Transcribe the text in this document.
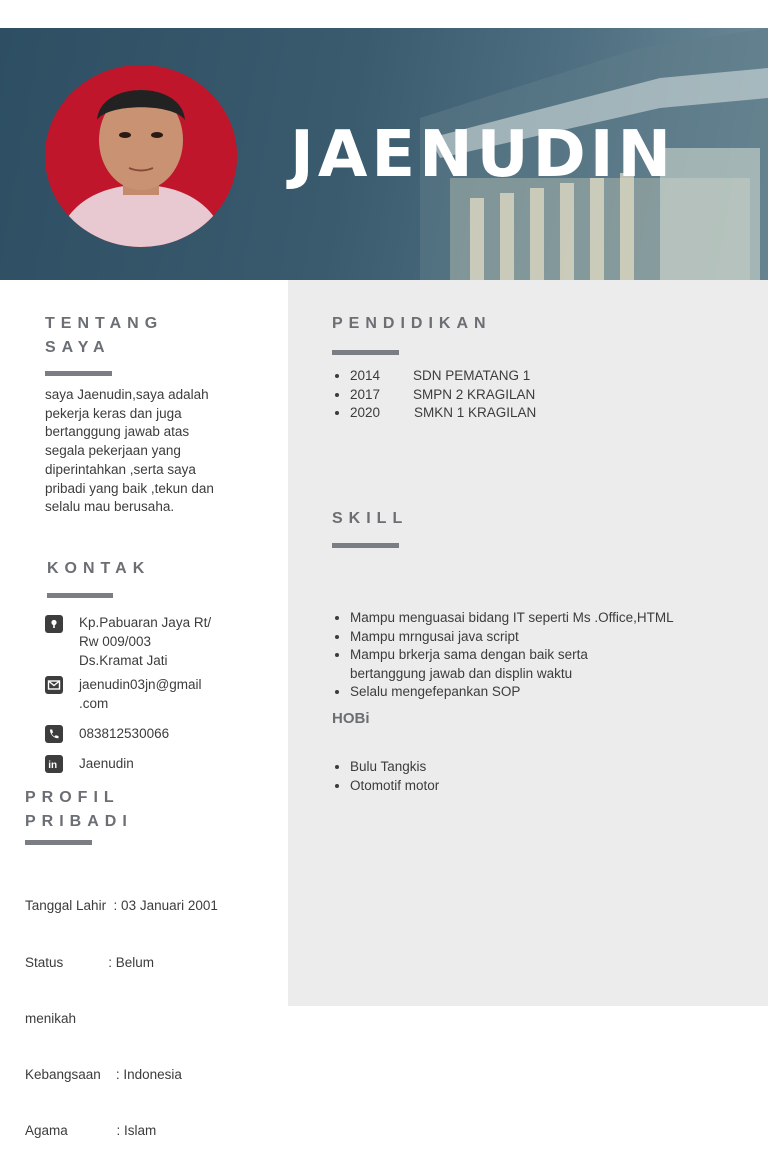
JAENUDIN
TENTANG
SAYA
saya Jaenudin,saya adalah
pekerja keras dan juga
bertanggung jawab atas
segala pekerjaan yang
diperintahkan ,serta saya
pribadi yang baik ,tekun dan
selalu mau berusaha.
KONTAK
Kp.Pabuaran Jaya Rt/
Rw 009/003
Ds.Kramat Jati
jaenudin03jn@gmail
.com
083812530066
in Jaenudin
PROFIL
PRIBADI

Tanggal Lahir  : 03 Januari 2001

Status            : Belum

menikah

Kebangsaan    : Indonesia

Agama             : Islam

PENDIDIKAN
• 2014 SDN PEMATANG 1
• 2017 SMPN 2 KRAGILAN
• 2020	SMKN 1 KRAGILAN
SKILL
• Mampu menguasai bidang IT seperti Ms .Office,HTML
• Mampu mrngusai java script
• Mampu brkerja sama dengan baik serta
bertanggung jawab dan displin waktu
• Selalu mengefepankan SOP
HOBi
• Bulu Tangkis
• Otomotif motor
